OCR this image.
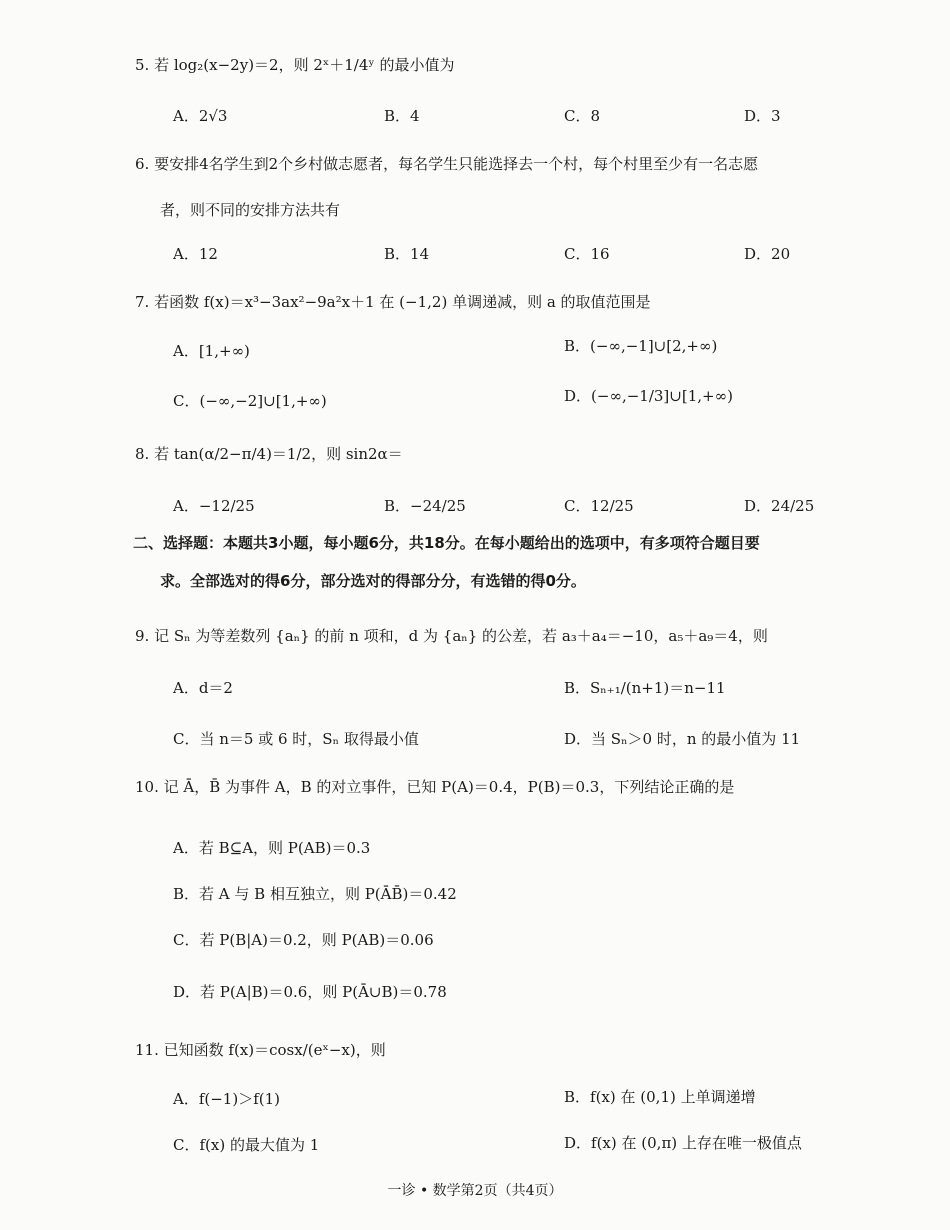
5. 若 log₂(x−2y)＝2，则 2ˣ＋1/4ʸ 的最小值为
A．2√3	B．4	C．8	D．3
6. 要安排4名学生到2个乡村做志愿者，每名学生只能选择去一个村，每个村里至少有一名志愿
者，则不同的安排方法共有
A．12	B．14	C．16	D．20
7. 若函数 f(x)＝x³−3ax²−9a²x＋1 在 (−1,2) 单调递减，则 a 的取值范围是
A．[1,+∞)	B．(−∞,−1]∪[2,+∞)
C．(−∞,−2]∪[1,+∞)	D．(−∞,−1/3]∪[1,+∞)
8. 若 tan(α/2−π/4)＝1/2，则 sin2α＝
A．−12/25	B．−24/25	C．12/25	D．24/25
二、选择题：本题共3小题，每小题6分，共18分。在每小题给出的选项中，有多项符合题目要
求。全部选对的得6分，部分选对的得部分分，有选错的得0分。
9. 记 Sₙ 为等差数列 {aₙ} 的前 n 项和，d 为 {aₙ} 的公差，若 a₃＋a₄＝−10，a₅＋a₉＝4，则
A．d＝2	B．Sₙ₊₁/(n+1)＝n−11
C．当 n＝5 或 6 时，Sₙ 取得最小值	D．当 Sₙ＞0 时，n 的最小值为 11
10. 记 Ā，B̄ 为事件 A，B 的对立事件，已知 P(A)＝0.4，P(B)＝0.3，下列结论正确的是
A．若 B⊆A，则 P(AB)＝0.3
B．若 A 与 B 相互独立，则 P(ĀB̄)＝0.42
C．若 P(B|A)＝0.2，则 P(AB)＝0.06
D．若 P(A|B)＝0.6，则 P(Ā∪B)＝0.78
11. 已知函数 f(x)＝cosx/(eˣ−x)，则
A．f(−1)＞f(1)	B．f(x) 在 (0,1) 上单调递增
C．f(x) 的最大值为 1	D．f(x) 在 (0,π) 上存在唯一极值点
一诊 • 数学第2页（共4页）
